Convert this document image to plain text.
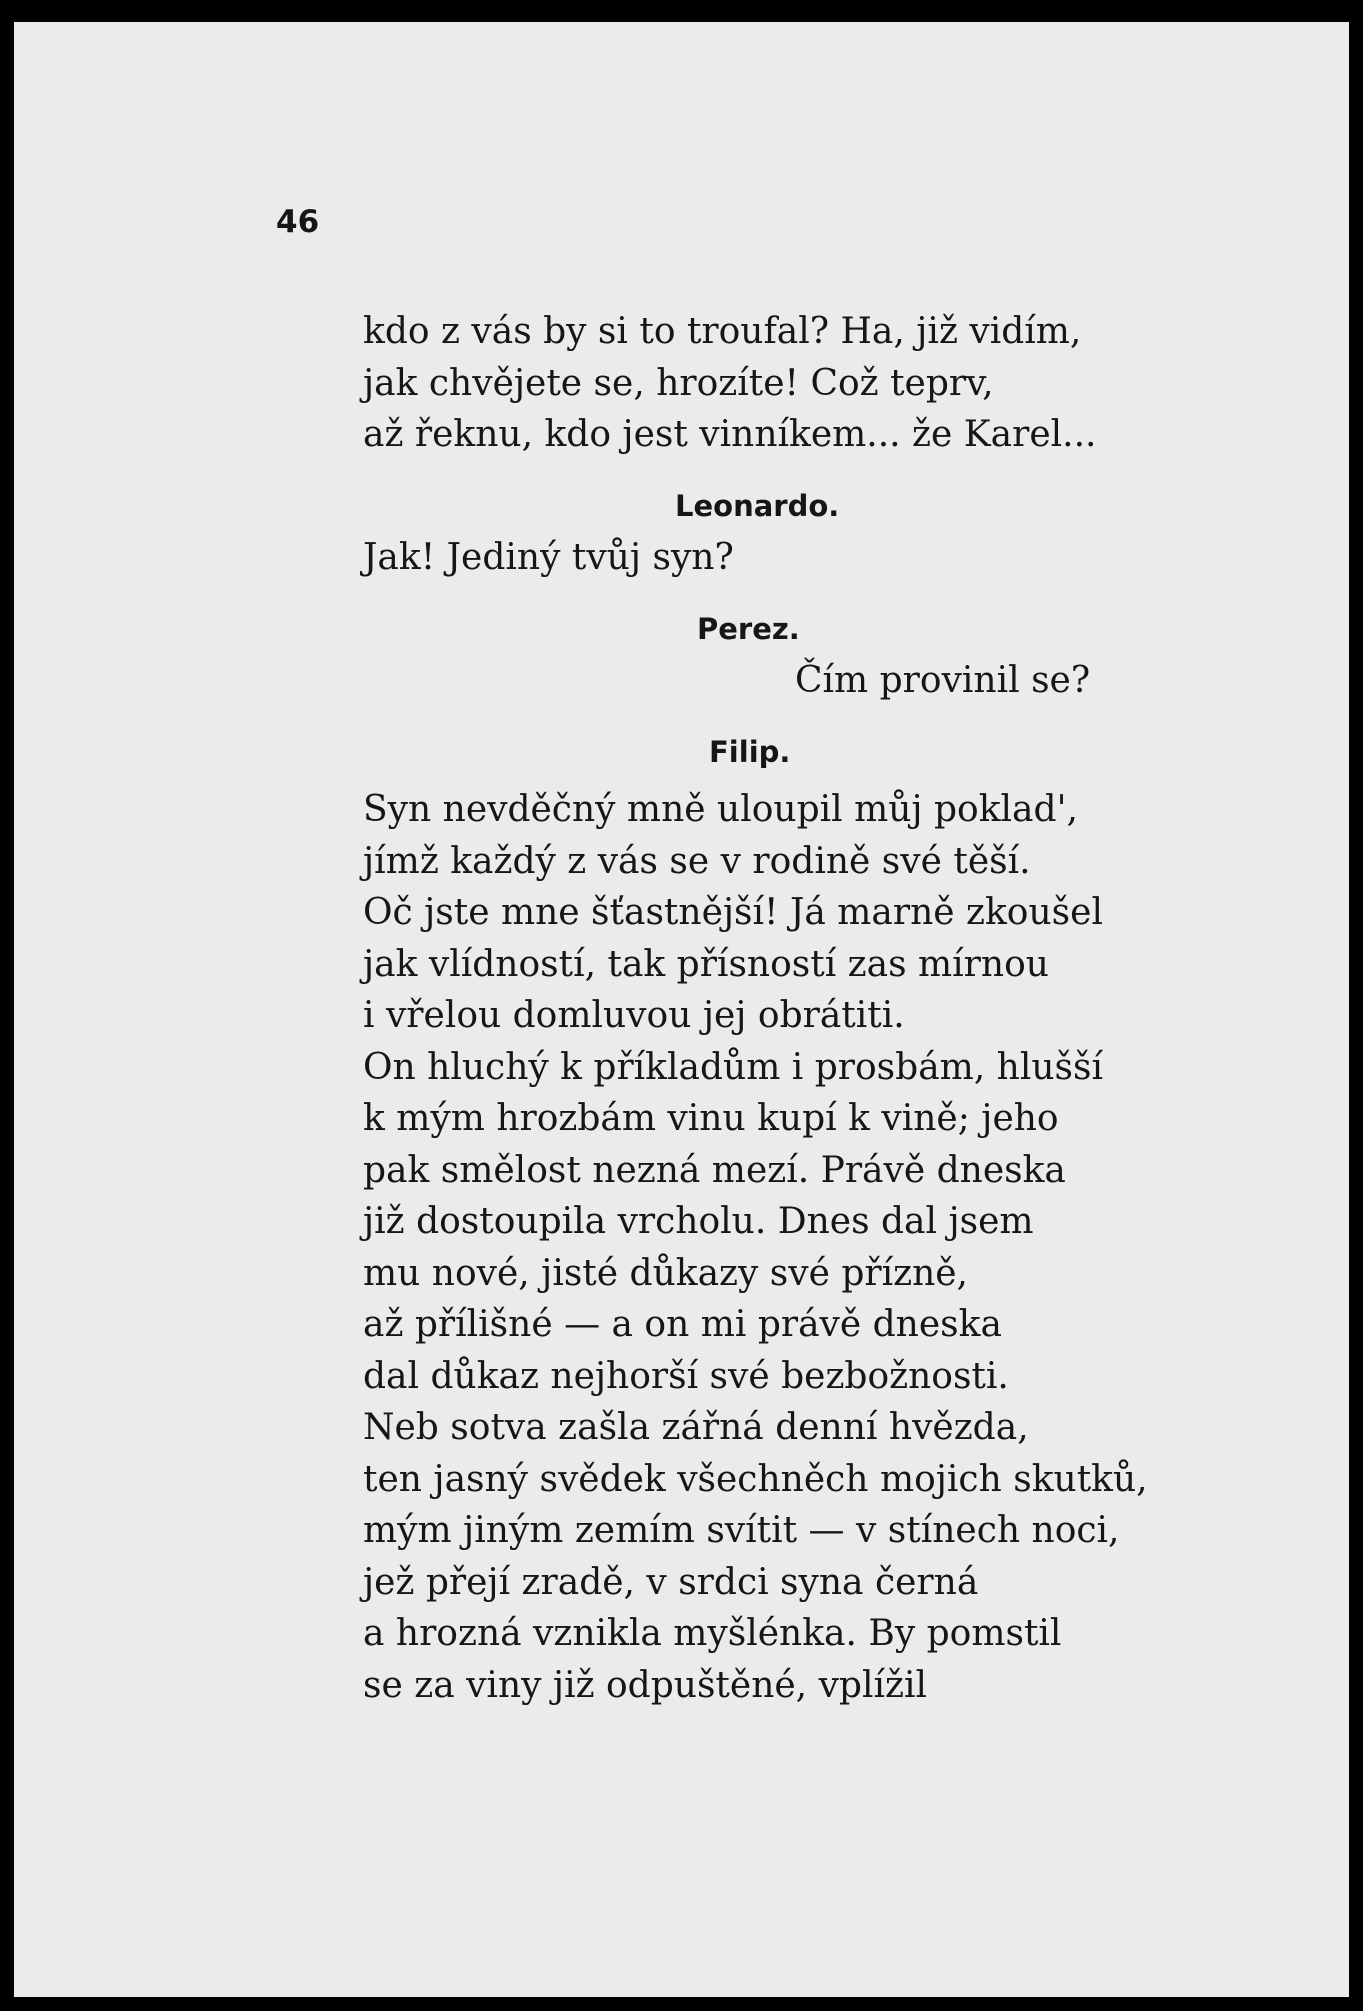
46
kdo z vás by si to troufal? Ha, již vidím,
jak chvějete se, hrozíte! Což teprv,
až řeknu, kdo jest vinníkem... že Karel...
Leonardo.
Jak! Jediný tvůj syn?
Perez.
Čím provinil se?
Filip.
Syn nevděčný mně uloupil můj poklad',
jímž každý z vás se v rodině své těší.
Oč jste mne šťastnější! Já marně zkoušel
jak vlídností, tak přísností zas mírnou
i vřelou domluvou jej obrátiti.
On hluchý k příkladům i prosbám, hlušší
k mým hrozbám vinu kupí k vině; jeho
pak smělost nezná mezí. Právě dneska
již dostoupila vrcholu. Dnes dal jsem
mu nové, jisté důkazy své přízně,
až přílišné — a on mi právě dneska
dal důkaz nejhorší své bezbožnosti.
Neb sotva zašla zářná denní hvězda,
ten jasný svědek všechněch mojich skutků,
mým jiným zemím svítit — v stínech noci,
jež přejí zradě, v srdci syna černá
a hrozná vznikla myšlénka. By pomstil
se za viny již odpuštěné, vplížil
